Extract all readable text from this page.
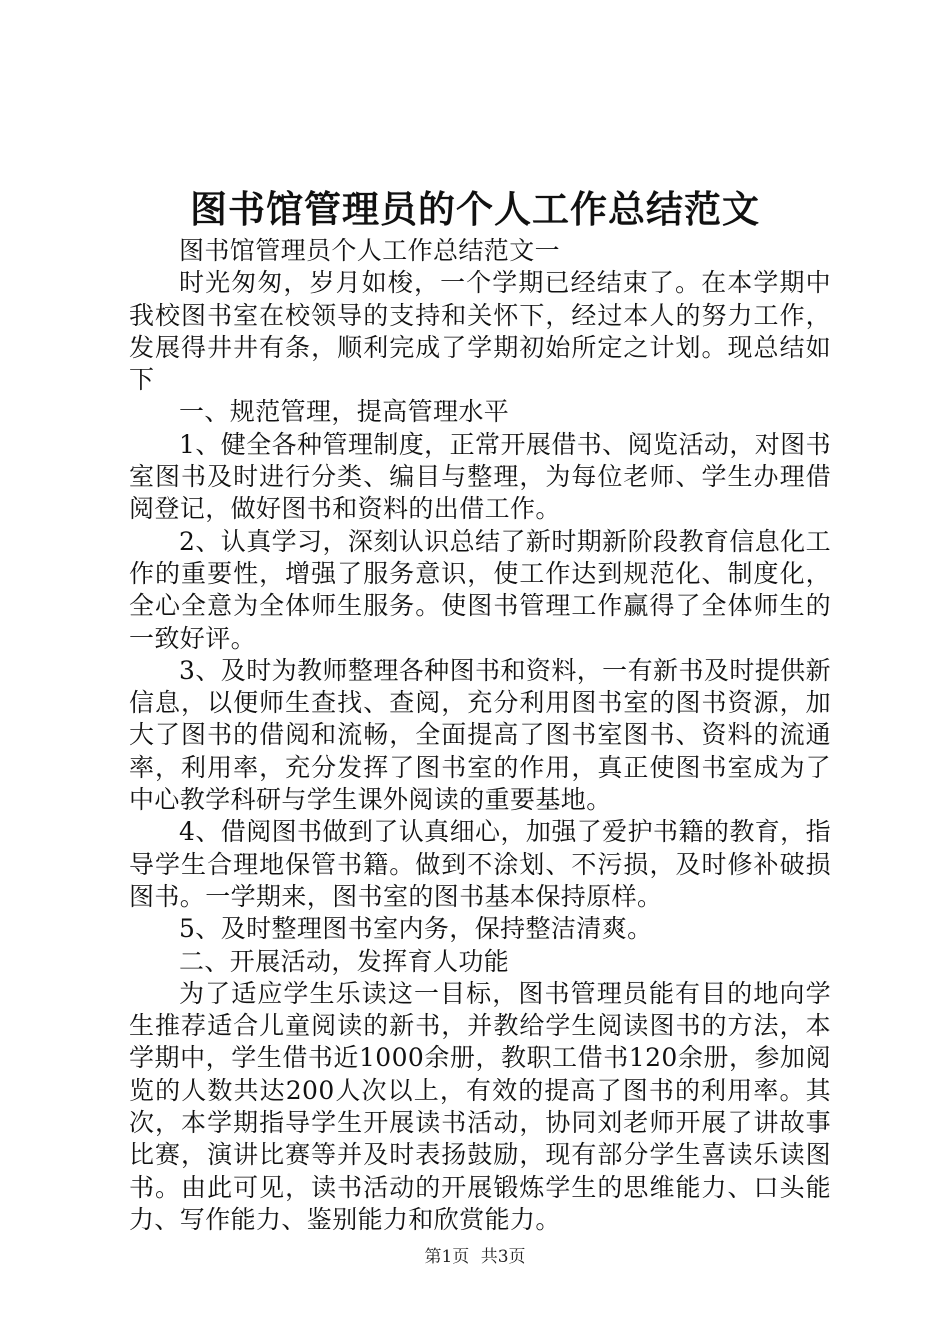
图书馆管理员的个人工作总结范文

图书馆管理员个人工作总结范文一

时光匆匆，岁月如梭，一个学期已经结束了。在本学期中我校图书室在校领导的支持和关怀下，经过本人的努力工作，发展得井井有条，顺利完成了学期初始所定之计划。现总结如下

一、规范管理，提高管理水平

1、健全各种管理制度，正常开展借书、阅览活动，对图书室图书及时进行分类、编目与整理，为每位老师、学生办理借阅登记，做好图书和资料的出借工作。

2、认真学习，深刻认识总结了新时期新阶段教育信息化工作的重要性，增强了服务意识，使工作达到规范化、制度化，全心全意为全体师生服务。使图书管理工作赢得了全体师生的一致好评。

3、及时为教师整理各种图书和资料，一有新书及时提供新信息，以便师生查找、查阅，充分利用图书室的图书资源，加大了图书的借阅和流畅，全面提高了图书室图书、资料的流通率，利用率，充分发挥了图书室的作用，真正使图书室成为了中心教学科研与学生课外阅读的重要基地。

4、借阅图书做到了认真细心，加强了爱护书籍的教育，指导学生合理地保管书籍。做到不涂划、不污损，及时修补破损图书。一学期来，图书室的图书基本保持原样。

5、及时整理图书室内务，保持整洁清爽。

二、开展活动，发挥育人功能

为了适应学生乐读这一目标，图书管理员能有目的地向学生推荐适合儿童阅读的新书，并教给学生阅读图书的方法，本学期中，学生借书近1000余册，教职工借书120余册，参加阅览的人数共达200人次以上，有效的提高了图书的利用率。其次，本学期指导学生开展读书活动，协同刘老师开展了讲故事比赛，演讲比赛等并及时表扬鼓励，现有部分学生喜读乐读图书。由此可见，读书活动的开展锻炼学生的思维能力、口头能力、写作能力、鉴别能力和欣赏能力。

第1页 共3页
